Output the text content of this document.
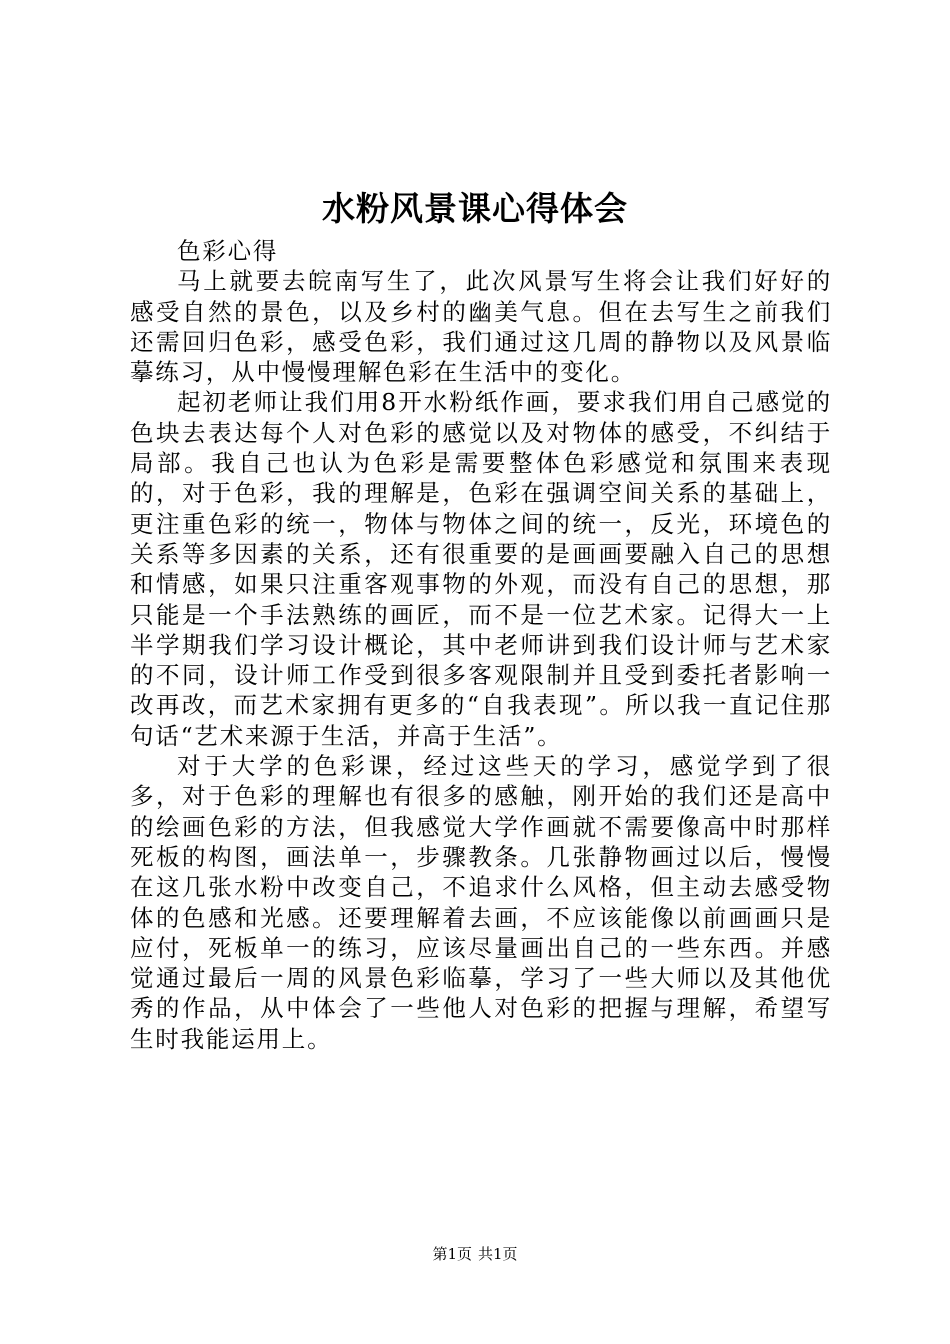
水粉风景课心得体会

色彩心得

马上就要去皖南写生了，此次风景写生将会让我们好好的感受自然的景色，以及乡村的幽美气息。但在去写生之前我们还需回归色彩，感受色彩，我们通过这几周的静物以及风景临摹练习，从中慢慢理解色彩在生活中的变化。

起初老师让我们用8开水粉纸作画，要求我们用自己感觉的色块去表达每个人对色彩的感觉以及对物体的感受，不纠结于局部。我自己也认为色彩是需要整体色彩感觉和氛围来表现的，对于色彩，我的理解是，色彩在强调空间关系的基础上，更注重色彩的统一，物体与物体之间的统一，反光，环境色的关系等多因素的关系，还有很重要的是画画要融入自己的思想和情感，如果只注重客观事物的外观，而没有自己的思想，那只能是一个手法熟练的画匠，而不是一位艺术家。记得大一上半学期我们学习设计概论，其中老师讲到我们设计师与艺术家的不同，设计师工作受到很多客观限制并且受到委托者影响一改再改，而艺术家拥有更多的“自我表现”。所以我一直记住那句话“艺术来源于生活，并高于生活”。

对于大学的色彩课，经过这些天的学习，感觉学到了很多，对于色彩的理解也有很多的感触，刚开始的我们还是高中的绘画色彩的方法，但我感觉大学作画就不需要像高中时那样死板的构图，画法单一，步骤教条。几张静物画过以后，慢慢在这几张水粉中改变自己，不追求什么风格，但主动去感受物体的色感和光感。还要理解着去画，不应该能像以前画画只是应付，死板单一的练习，应该尽量画出自己的一些东西。并感觉通过最后一周的风景色彩临摹，学习了一些大师以及其他优秀的作品，从中体会了一些他人对色彩的把握与理解，希望写生时我能运用上。

第1页 共1页
